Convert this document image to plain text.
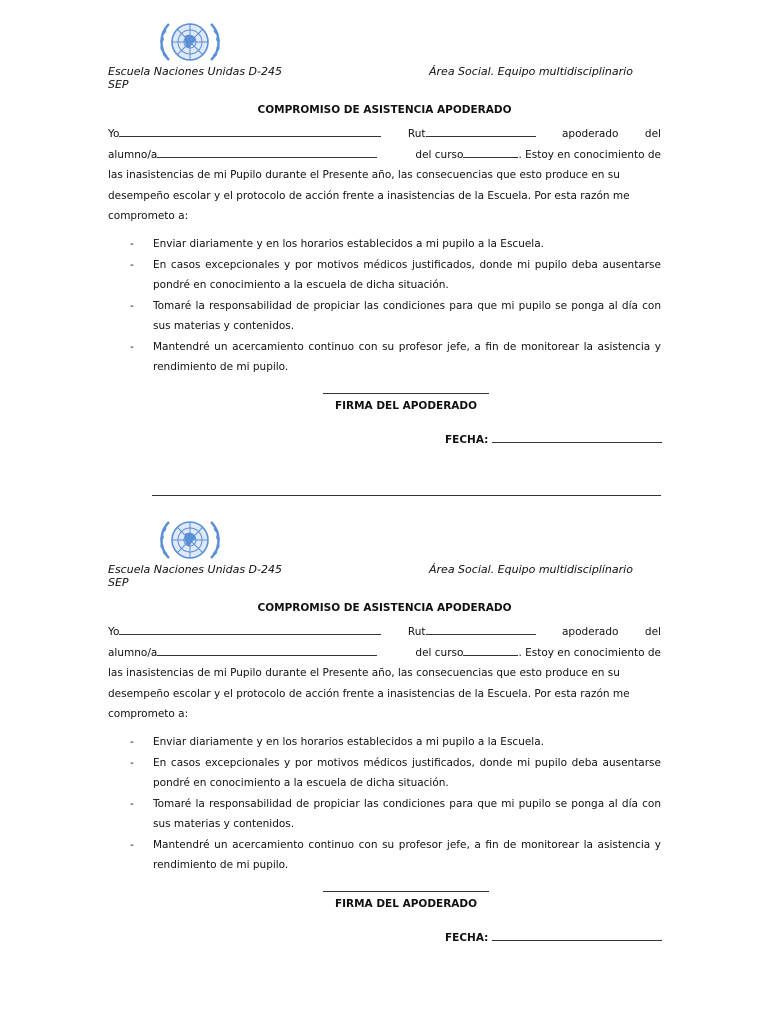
Escuela Naciones Unidas D-245
SEP
Área Social. Equipo multidisciplinario
COMPROMISO DE ASISTENCIA APODERADO
Yo	Rut	apoderado	del
alumno/a	del curso	. Estoy en conocimiento de
las inasistencias de mi Pupilo durante el Presente año, las consecuencias que esto produce en su
desempeño escolar y el protocolo de acción frente a inasistencias de la Escuela. Por esta razón me
comprometo a:
- Enviar diariamente y en los horarios establecidos a mi pupilo a la Escuela.
- En casos excepcionales y por motivos médicos justificados, donde mi pupilo deba ausentarse pondré en conocimiento a la escuela de dicha situación.
- Tomaré la responsabilidad de propiciar las condiciones para que mi pupilo se ponga al día con sus materias y contenidos.
- Mantendré un acercamiento continuo con su profesor jefe, a fin de monitorear la asistencia y rendimiento de mi pupilo.
FIRMA DEL APODERADO
FECHA:
Escuela Naciones Unidas D-245
SEP
Área Social. Equipo multidisciplinario
COMPROMISO DE ASISTENCIA APODERADO
Yo	Rut	apoderado	del
alumno/a	del curso	. Estoy en conocimiento de
las inasistencias de mi Pupilo durante el Presente año, las consecuencias que esto produce en su
desempeño escolar y el protocolo de acción frente a inasistencias de la Escuela. Por esta razón me
comprometo a:
- Enviar diariamente y en los horarios establecidos a mi pupilo a la Escuela.
- En casos excepcionales y por motivos médicos justificados, donde mi pupilo deba ausentarse pondré en conocimiento a la escuela de dicha situación.
- Tomaré la responsabilidad de propiciar las condiciones para que mi pupilo se ponga al día con sus materias y contenidos.
- Mantendré un acercamiento continuo con su profesor jefe, a fin de monitorear la asistencia y rendimiento de mi pupilo.
FIRMA DEL APODERADO
FECHA:
